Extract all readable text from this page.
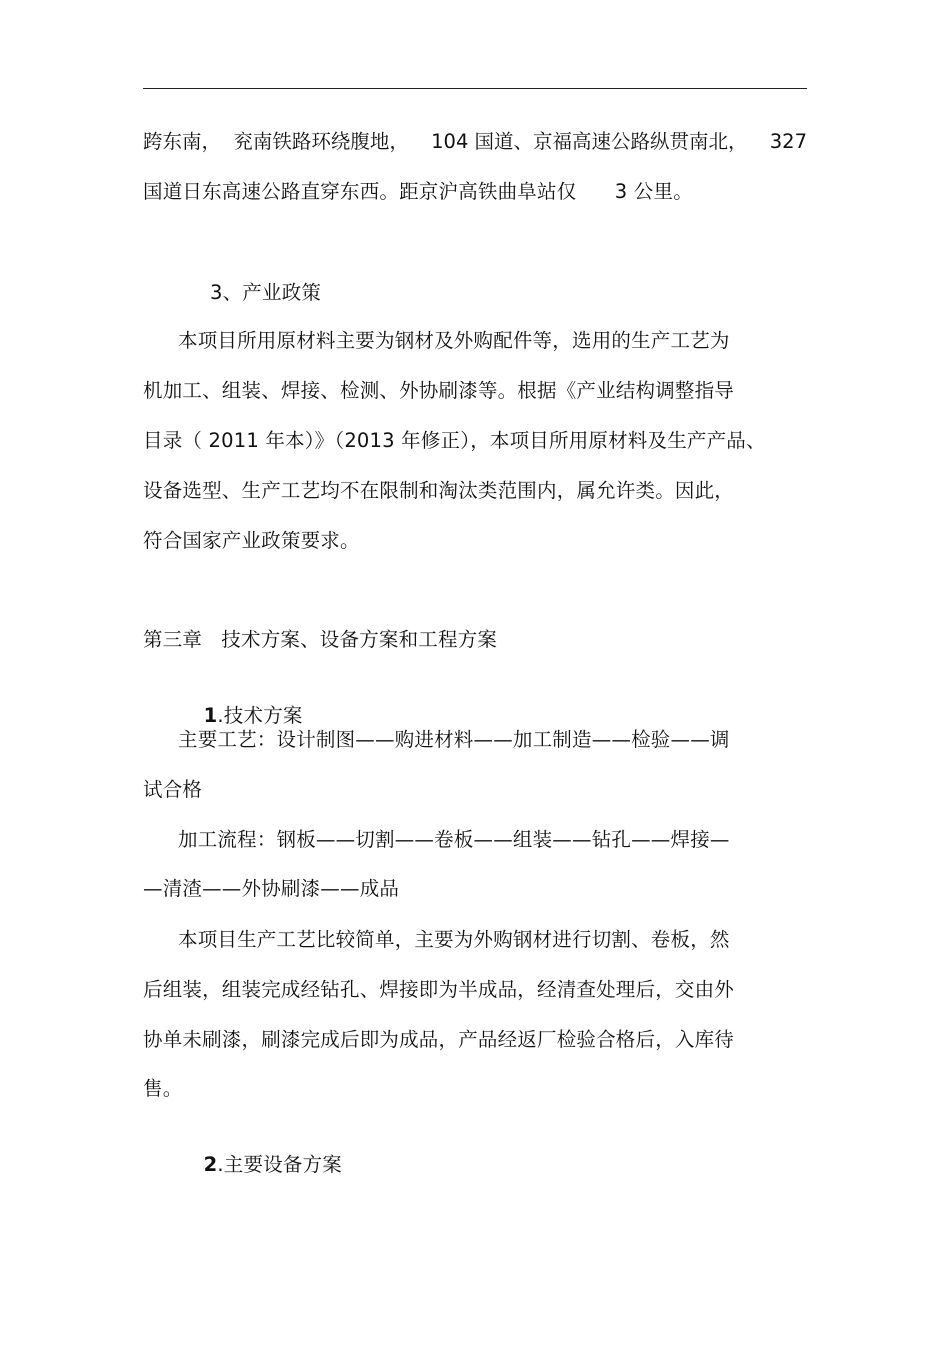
跨东南，  兖南铁路环绕腹地， 104 国道、京福高速公路纵贯南北， 327
国道日东高速公路直穿东西。距京沪高铁曲阜站仅      3 公里。
3、产业政策
本项目所用原材料主要为钢材及外购配件等，选用的生产工艺为
机加工、组装、焊接、检测、外协刷漆等。根据《产业结构调整指导
目录（ 2011 年本）》（2013 年修正），本项目所用原材料及生产产品、
设备选型、生产工艺均不在限制和淘汰类范围内，属允许类。因此，
符合国家产业政策要求。
第三章   技术方案、设备方案和工程方案

1.技术方案

主要工艺：设计制图——购进材料——加工制造——检验——调
试合格
加工流程：钢板——切割——卷板——组装——钻孔——焊接—
—清渣——外协刷漆——成品
本项目生产工艺比较简单，主要为外购钢材进行切割、卷板，然
后组装，组装完成经钻孔、焊接即为半成品，经清查处理后，交由外
协单未刷漆，刷漆完成后即为成品，产品经返厂检验合格后，入库待
售。

2.主要设备方案
